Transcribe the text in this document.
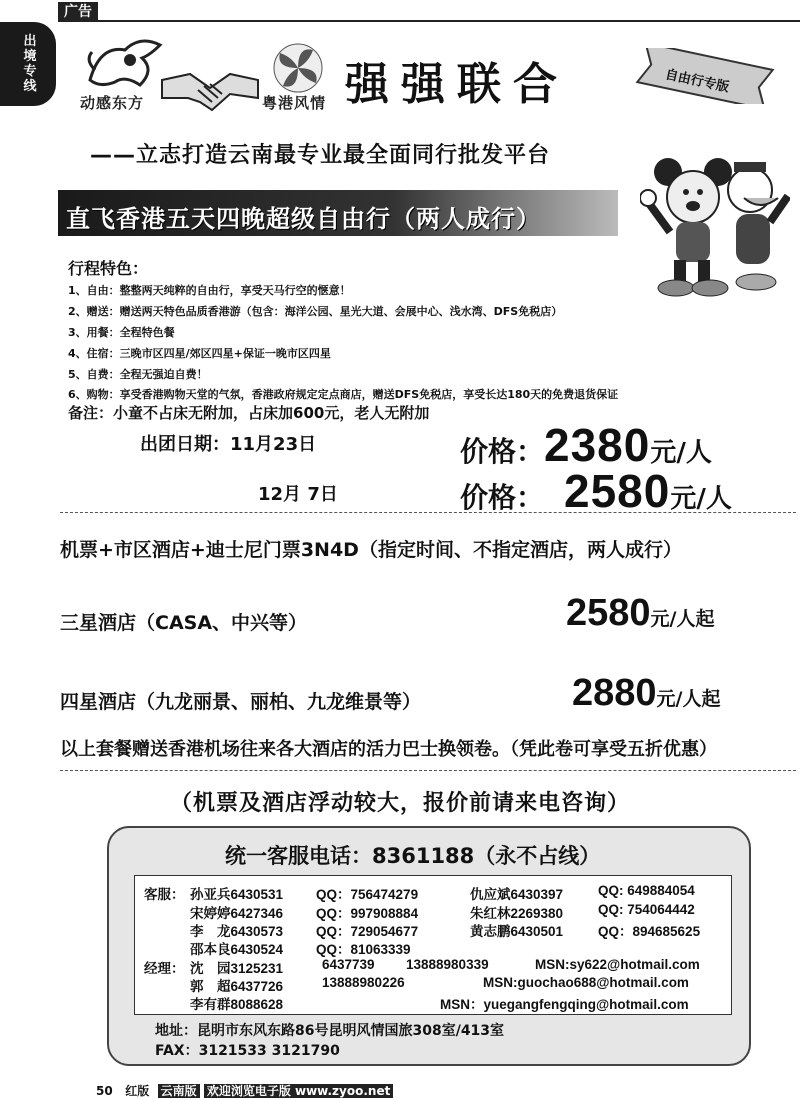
广告
出
境
专
线
动感东方	粤港风情 强强联合	自由行专版
——立志打造云南最专业最全面同行批发平台
直飞香港五天四晚超级自由行（两人成行）
行程特色：
1、自由：整整两天纯粹的自由行，享受天马行空的惬意！
2、赠送：赠送两天特色品质香港游（包含：海洋公园、星光大道、会展中心、浅水湾、DFS免税店）
3、用餐：全程特色餐
4、住宿：三晚市区四星/郊区四星+保证一晚市区四星
5、自费：全程无强迫自费！
6、购物：享受香港购物天堂的气氛，香港政府规定定点商店，赠送DFS免税店，享受长达180天的免费退货保证
备注：小童不占床无附加，占床加600元，老人无附加
出团日期：11月23日	价格：2380元/人
12月 7日	价格： 2580元/人
机票+市区酒店+迪士尼门票3N4D（指定时间、不指定酒店，两人成行）
三星酒店（CASA、中兴等）	2580元/人起
四星酒店（九龙丽景、丽柏、九龙维景等）	2880元/人起
以上套餐赠送香港机场往来各大酒店的活力巴士换领卷。（凭此卷可享受五折优惠）
（机票及酒店浮动较大，报价前请来电咨询）
统一客服电话：8361188（永不占线）
客服： 孙亚兵6430531 QQ：756474279	仇应斌6430397	QQ: 649884054
宋婷婷6427346 QQ：997908884	朱红林2269380	QQ: 754064442
李　龙6430573 QQ：729054677	黄志鹏6430501	QQ：894685625
邵本良6430524 QQ：81063339
经理： 沈　园3125231	6437739 13888980339	MSN:sy622@hotmail.com
郭　超6437726	13888980226	MSN:guochao688@hotmail.com
李有群8088628	MSN：yuegangfengqing@hotmail.com
地址：昆明市东风东路86号昆明风情国旅308室/413室
FAX：3121533 3121790
50 红版 云南版 欢迎浏览电子版 www.zyoo.net
